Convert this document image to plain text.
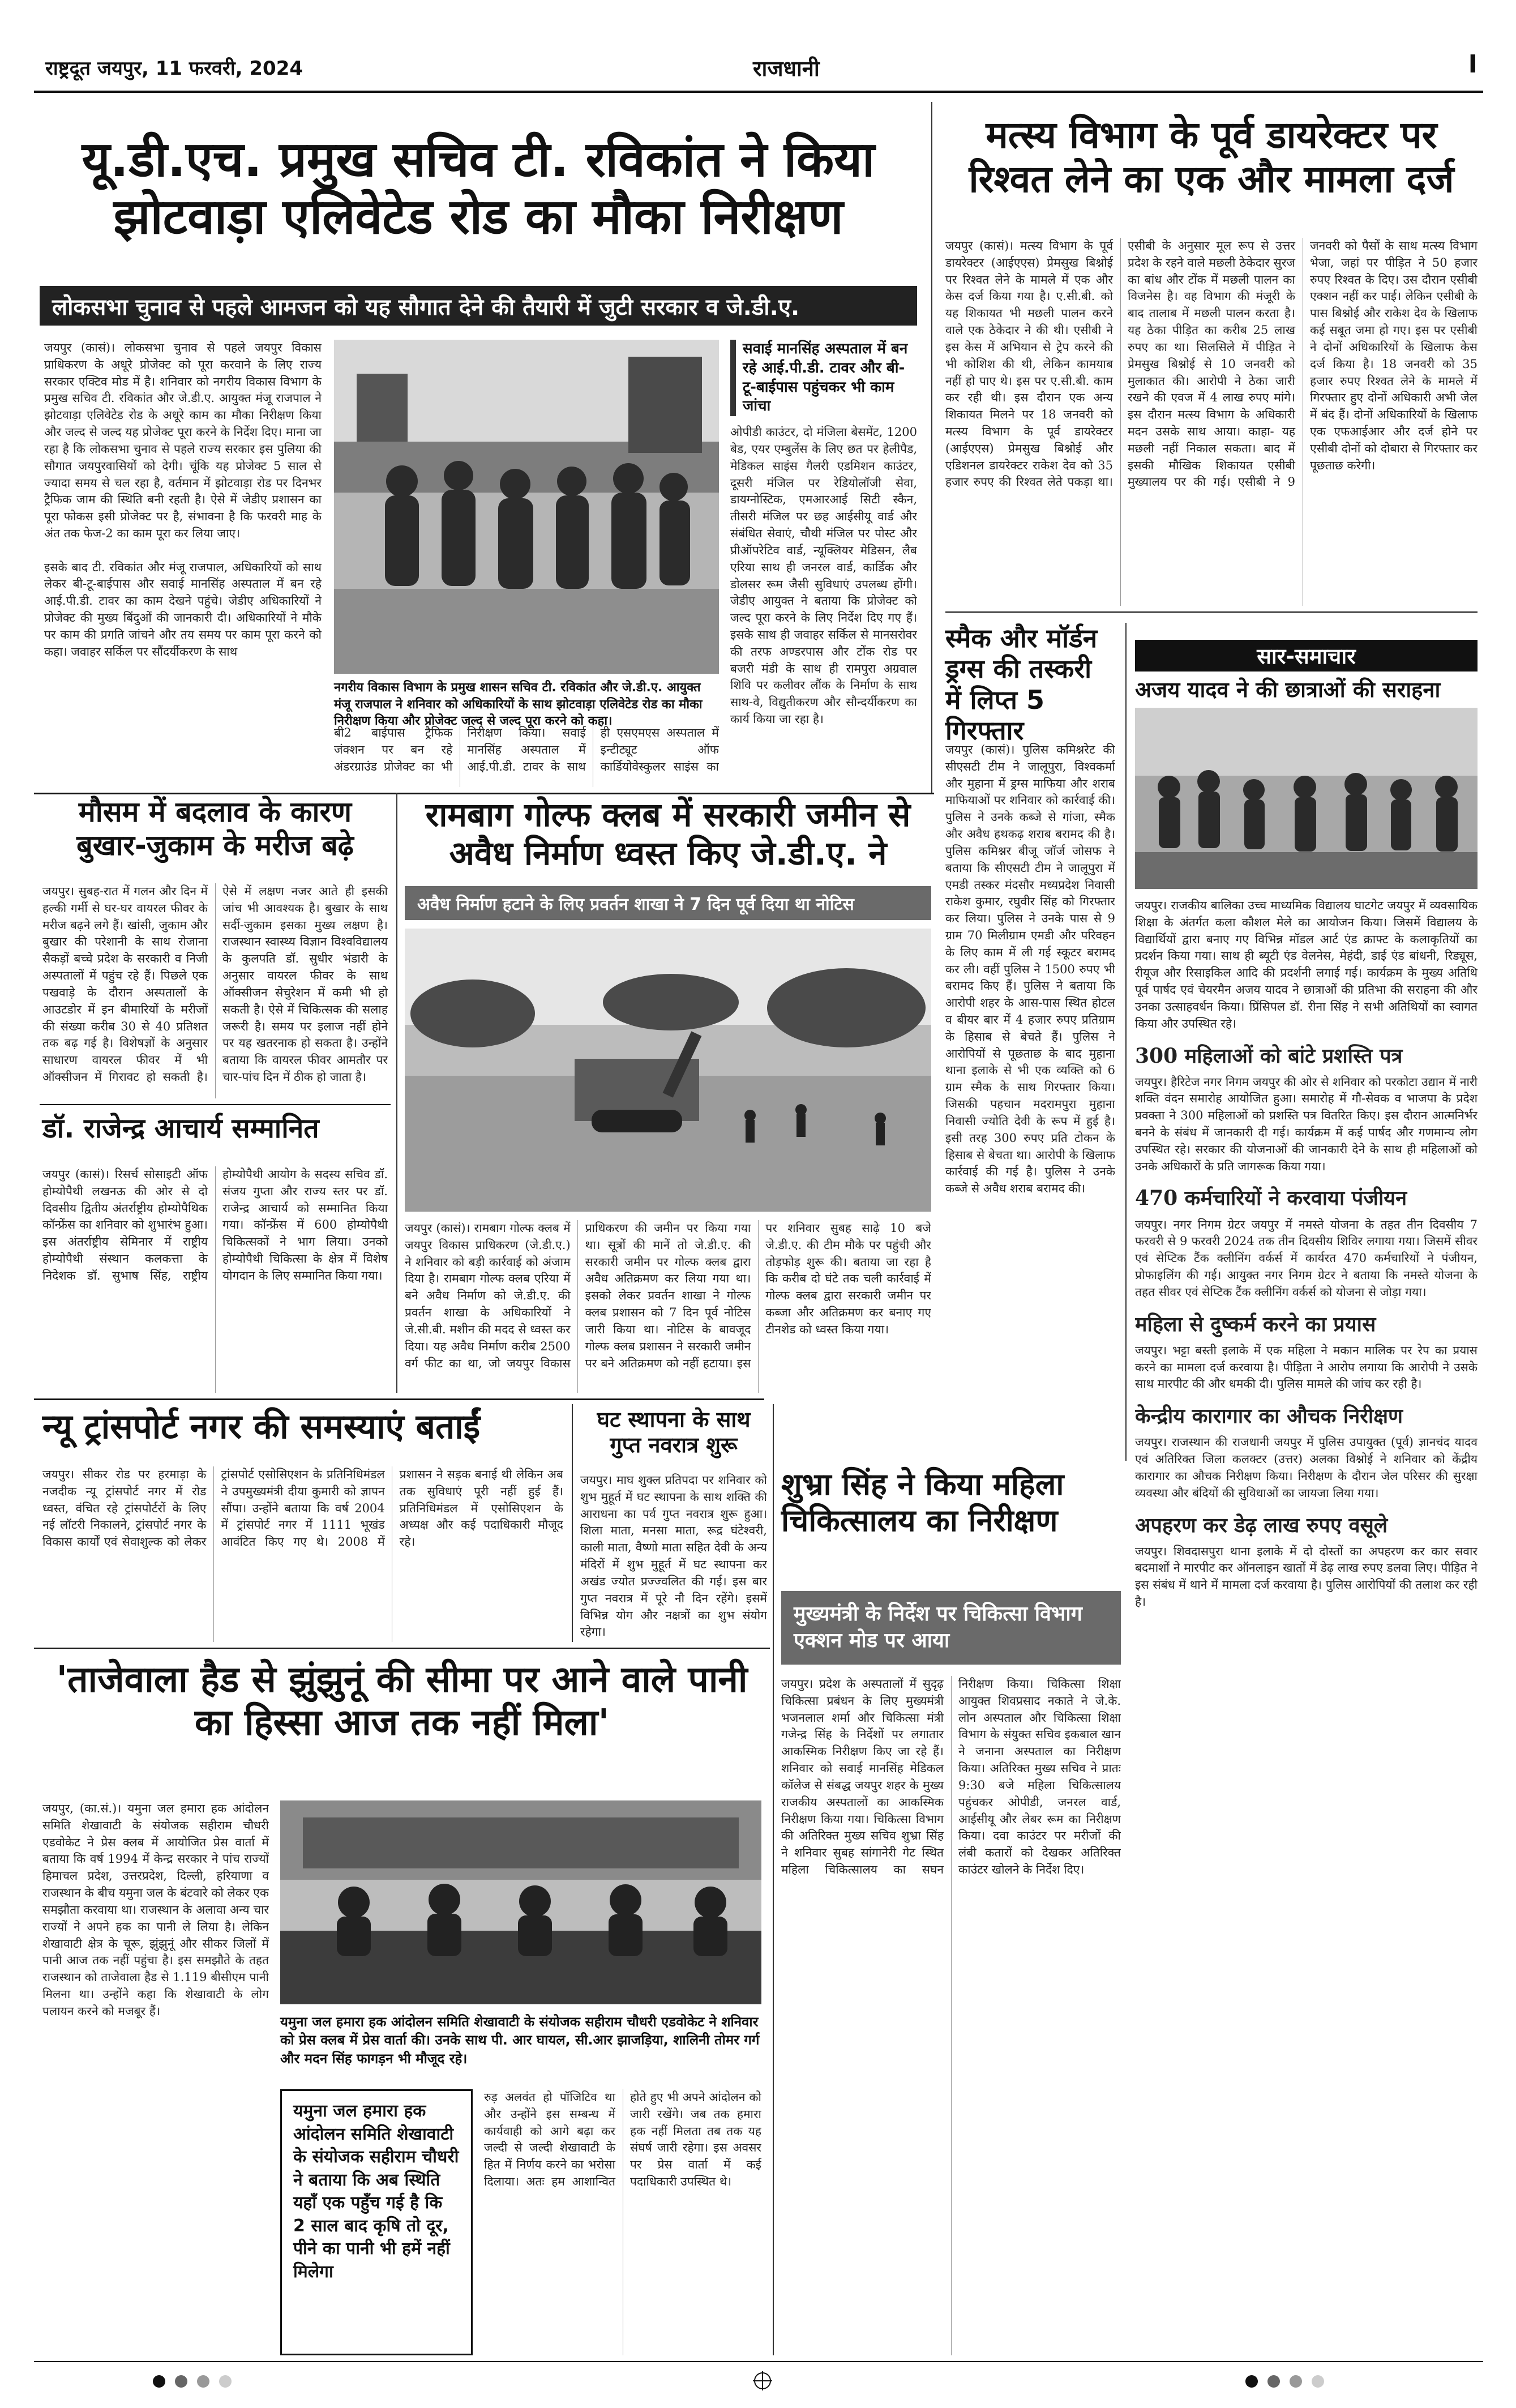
राष्ट्रदूत जयपुर, 11 फरवरी, 2024	राजधानी	I
यू.डी.एच. प्रमुख सचिव टी. रविकांत ने किया झोटवाड़ा एलिवेटेड रोड का मौका निरीक्षण
लोकसभा चुनाव से पहले आमजन को यह सौगात देने की तैयारी में जुटी सरकार व जे.डी.ए.
जयपुर (कासं)। लोकसभा चुनाव से पहले जयपुर विकास प्राधिकरण के अधूरे प्रोजेक्ट को पूरा करवाने के लिए राज्य सरकार एक्टिव मोड में है। शनिवार को नगरीय विकास विभाग के प्रमुख सचिव टी. रविकांत और जे.डी.ए. आयुक्त मंजू राजपाल ने झोटवाड़ा एलिवेटेड रोड के अधूरे काम का मौका निरीक्षण किया और जल्द से जल्द यह प्रोजेक्ट पूरा करने के निर्देश दिए। माना जा रहा है कि लोकसभा चुनाव से पहले राज्य सरकार इस पुलिया की सौगात जयपुरवासियों को देगी। चूंकि यह प्रोजेक्ट 5 साल से ज्यादा समय से चल रहा है, वर्तमान में झोटवाड़ा रोड पर दिनभर ट्रैफिक जाम की स्थिति बनी रहती है। ऐसे में जेडीए प्रशासन का पूरा फोकस इसी प्रोजेक्ट पर है, संभावना है कि फरवरी माह के अंत तक फेज-2 का काम पूरा कर लिया जाए।

इसके बाद टी. रविकांत और मंजू राजपाल, अधिकारियों को साथ लेकर बी-टू-बाईपास और सवाई मानसिंह अस्पताल में बन रहे आई.पी.डी. टावर का काम देखने पहुंचे। जेडीए अधिकारियों ने प्रोजेक्ट की मुख्य बिंदुओं की जानकारी दी। अधिकारियों ने मौके पर काम की प्रगति जांचने और तय समय पर काम पूरा करने को कहा। जवाहर सर्किल पर सौंदर्यीकरण के साथ
नगरीय विकास विभाग के प्रमुख शासन सचिव टी. रविकांत और जे.डी.ए. आयुक्त मंजू राजपाल ने शनिवार को अधिकारियों के साथ झोटवाड़ा एलिवेटेड रोड का मौका निरीक्षण किया और प्रोजेक्ट जल्द से जल्द पूरा करने को कहा।
सवाई मानसिंह अस्पताल में बन रहे आई.पी.डी. टावर और बी-टू-बाईपास पहुंचकर भी काम जांचा
ओपीडी काउंटर, दो मंजिला बेसमेंट, 1200 बेड, एयर एम्बुलेंस के लिए छत पर हेलीपैड, मेडिकल साइंस गैलरी एडमिशन काउंटर, दूसरी मंजिल पर रेडियोलॉजी सेवा, डायग्नोस्टिक, एमआरआई सिटी स्कैन, तीसरी मंजिल पर छह आईसीयू वार्ड और संबंधित सेवाएं, चौथी मंजिल पर पोस्ट और प्रीऑपरेटिव वार्ड, न्यूक्लियर मेडिसन, लैब एरिया साथ ही जनरल वार्ड, कार्डिक और डोलसर रूम जैसी सुविधाएं उपलब्ध होंगी। जेडीए आयुक्त ने बताया कि प्रोजेक्ट को जल्द पूरा करने के लिए निर्देश दिए गए हैं। इसके साथ ही जवाहर सर्किल से मानसरोवर की तरफ अण्डरपास और टोंक रोड पर बजरी मंडी के साथ ही रामपुरा अग्रवाल शिवि पर कलीवर लौंक के निर्माण के साथ साथ-वे, विद्युतीकरण और सौन्दर्यीकरण का कार्य किया जा रहा है।
बी2 बाईपास ट्रैफिक जंक्शन पर बन रहे अंडरग्राउंड प्रोजेक्ट का भी निरीक्षण किया। सवाई मानसिंह अस्पताल में आई.पी.डी. टावर के साथ ही एसएमएस अस्पताल में इन्टीट्यूट ऑफ कार्डियोवेस्कुलर साइंस का
मत्स्य विभाग के पूर्व डायरेक्टर पर रिश्वत लेने का एक और मामला दर्ज
जयपुर (कासं)। मत्स्य विभाग के पूर्व डायरेक्टर (आईएएस) प्रेमसुख बिश्नोई पर रिश्वत लेने के मामले में एक और केस दर्ज किया गया है। ए.सी.बी. को यह शिकायत भी मछली पालन करने वाले एक ठेकेदार ने की थी। एसीबी ने इस केस में अभियान से ट्रेप करने की भी कोशिश की थी, लेकिन कामयाब नहीं हो पाए थे। इस पर ए.सी.बी. काम कर रही थी। इस दौरान एक अन्य शिकायत मिलने पर 18 जनवरी को मत्स्य विभाग के पूर्व डायरेक्टर (आईएएस) प्रेमसुख बिश्नोई और एडिशनल डायरेक्टर राकेश देव को 35 हजार रुपए की रिश्वत लेते पकड़ा था। एसीबी के अनुसार मूल रूप से उत्तर प्रदेश के रहने वाले मछली ठेकेदार सुरज का बांध और टोंक में मछली पालन का विजनेस है। वह विभाग की मंजूरी के बाद तालाब में मछली पालन करता है। यह ठेका पीड़ित का करीब 25 लाख रुपए का था। सिलसिले में पीड़ित ने प्रेमसुख बिश्नोई से 10 जनवरी को मुलाकात की। आरोपी ने ठेका जारी रखने की एवज में 4 लाख रुपए मांगे। इस दौरान मत्स्य विभाग के अधिकारी मदन उसके साथ आया। काहा- यह मछली नहीं निकाल सकता। बाद में इसकी मौखिक शिकायत एसीबी मुख्यालय पर की गई। एसीबी ने 9 जनवरी को पैसों के साथ मत्स्य विभाग भेजा, जहां पर पीड़ित ने 50 हजार रुपए रिश्वत के दिए। उस दौरान एसीबी एक्शन नहीं कर पाई। लेकिन एसीबी के पास बिश्नोई और राकेश देव के खिलाफ कई सबूत जमा हो गए। इस पर एसीबी ने दोनों अधिकारियों के खिलाफ केस दर्ज किया है। 18 जनवरी को 35 हजार रुपए रिश्वत लेने के मामले में गिरफ्तार हुए दोनों अधिकारी अभी जेल में बंद हैं। दोनों अधिकारियों के खिलाफ एक एफआईआर और दर्ज होने पर एसीबी दोनों को दोबारा से गिरफ्तार कर पूछताछ करेगी।
स्मैक और मॉर्डन ड्रग्स की तस्करी में लिप्त 5 गिरफ्तार
जयपुर (कासं)। पुलिस कमिश्नरेट की सीएसटी टीम ने जालूपुरा, विश्वकर्मा और मुहाना में ड्रग्स माफिया और शराब माफियाओं पर शनिवार को कार्रवाई की। पुलिस ने उनके कब्जे से गांजा, स्मैक और अवैध हथकढ़ शराब बरामद की है। पुलिस कमिश्नर बीजू जॉर्ज जोसफ ने बताया कि सीएसटी टीम ने जालूपुरा में एमडी तस्कर मंदसौर मध्यप्रदेश निवासी राकेश कुमार, रघुवीर सिंह को गिरफ्तार कर लिया। पुलिस ने उनके पास से 9 ग्राम 70 मिलीग्राम एमडी और परिवहन के लिए काम में ली गई स्कूटर बरामद कर ली। वहीं पुलिस ने 1500 रुपए भी बरामद किए हैं। पुलिस ने बताया कि आरोपी शहर के आस-पास स्थित होटल व बीयर बार में 4 हजार रुपए प्रतिग्राम के हिसाब से बेचते हैं। पुलिस ने आरोपियों से पूछताछ के बाद मुहाना थाना इलाके से भी एक व्यक्ति को 6 ग्राम स्मैक के साथ गिरफ्तार किया। जिसकी पहचान मदरामपुरा मुहाना निवासी ज्योति देवी के रूप में हुई है। इसी तरह 300 रुपए प्रति टोकन के हिसाब से बेचता था। आरोपी के खिलाफ कार्रवाई की गई है। पुलिस ने उनके कब्जे से अवैध शराब बरामद की।
सार-समाचार
अजय यादव ने की छात्राओं की सराहना
जयपुर। राजकीय बालिका उच्च माध्यमिक विद्यालय घाटगेट जयपुर में व्यवसायिक शिक्षा के अंतर्गत कला कौशल मेले का आयोजन किया। जिसमें विद्यालय के विद्यार्थियों द्वारा बनाए गए विभिन्न मॉडल आर्ट एंड क्राफ्ट के कलाकृतियों का प्रदर्शन किया गया। साथ ही ब्यूटी एंड वेलनेस, मेहंदी, डाई एंड बांधनी, रिड्यूस, रीयूज और रिसाइकिल आदि की प्रदर्शनी लगाई गई। कार्यक्रम के मुख्य अतिथि पूर्व पार्षद एवं चेयरमैन अजय यादव ने छात्राओं की प्रतिभा की सराहना की और उनका उत्साहवर्धन किया। प्रिंसिपल डॉ. रीना सिंह ने सभी अतिथियों का स्वागत किया और उपस्थित रहे।
300 महिलाओं को बांटे प्रशस्ति पत्र
जयपुर। हैरिटेज नगर निगम जयपुर की ओर से शनिवार को परकोटा उद्यान में नारी शक्ति वंदन समारोह आयोजित हुआ। समारोह में गौ-सेवक व भाजपा के प्रदेश प्रवक्ता ने 300 महिलाओं को प्रशस्ति पत्र वितरित किए। इस दौरान आत्मनिर्भर बनने के संबंध में जानकारी दी गई। कार्यक्रम में कई पार्षद और गणमान्य लोग उपस्थित रहे। सरकार की योजनाओं की जानकारी देने के साथ ही महिलाओं को उनके अधिकारों के प्रति जागरूक किया गया।
470 कर्मचारियों ने करवाया पंजीयन
जयपुर। नगर निगम ग्रेटर जयपुर में नमस्ते योजना के तहत तीन दिवसीय 7 फरवरी से 9 फरवरी 2024 तक तीन दिवसीय शिविर लगाया गया। जिसमें सीवर एवं सेप्टिक टैंक क्लीनिंग वर्कर्स में कार्यरत 470 कर्मचारियों ने पंजीयन, प्रोफाइलिंग की गई। आयुक्त नगर निगम ग्रेटर ने बताया कि नमस्ते योजना के तहत सीवर एवं सेप्टिक टैंक क्लीनिंग वर्कर्स को योजना से जोड़ा गया।
महिला से दुष्कर्म करने का प्रयास
जयपुर। भट्टा बस्ती इलाके में एक महिला ने मकान मालिक पर रेप का प्रयास करने का मामला दर्ज करवाया है। पीड़िता ने आरोप लगाया कि आरोपी ने उसके साथ मारपीट की और धमकी दी। पुलिस मामले की जांच कर रही है।
केन्द्रीय कारागार का औचक निरीक्षण
जयपुर। राजस्थान की राजधानी जयपुर में पुलिस उपायुक्त (पूर्व) ज्ञानचंद यादव एवं अतिरिक्त जिला कलक्टर (उत्तर) अलका विश्नोई ने शनिवार को केंद्रीय कारागार का औचक निरीक्षण किया। निरीक्षण के दौरान जेल परिसर की सुरक्षा व्यवस्था और बंदियों की सुविधाओं का जायजा लिया गया।
अपहरण कर डेढ़ लाख रुपए वसूले
जयपुर। शिवदासपुरा थाना इलाके में दो दोस्तों का अपहरण कर कार सवार बदमाशों ने मारपीट कर ऑनलाइन खातों में डेढ़ लाख रुपए डलवा लिए। पीड़ित ने इस संबंध में थाने में मामला दर्ज करवाया है। पुलिस आरोपियों की तलाश कर रही है।
मौसम में बदलाव के कारण बुखार-जुकाम के मरीज बढ़े
जयपुर। सुबह-रात में गलन और दिन में हल्की गर्मी से घर-घर वायरल फीवर के मरीज बढ़ने लगे हैं। खांसी, जुकाम और बुखार की परेशानी के साथ रोजाना सैकड़ों बच्चे प्रदेश के सरकारी व निजी अस्पतालों में पहुंच रहे हैं। पिछले एक पखवाड़े के दौरान अस्पतालों के आउटडोर में इन बीमारियों के मरीजों की संख्या करीब 30 से 40 प्रतिशत तक बढ़ गई है। विशेषज्ञों के अनुसार साधारण वायरल फीवर में भी ऑक्सीजन में गिरावट हो सकती है। ऐसे में लक्षण नजर आते ही इसकी जांच भी आवश्यक है। बुखार के साथ सर्दी-जुकाम इसका मुख्य लक्षण है। राजस्थान स्वास्थ्य विज्ञान विश्वविद्यालय के कुलपति डॉ. सुधीर भंडारी के अनुसार वायरल फीवर के साथ ऑक्सीजन सेचुरेशन में कमी भी हो सकती है। ऐसे में चिकित्सक की सलाह जरूरी है। समय पर इलाज नहीं होने पर यह खतरनाक हो सकता है। उन्होंने बताया कि वायरल फीवर आमतौर पर चार-पांच दिन में ठीक हो जाता है।
डॉ. राजेन्द्र आचार्य सम्मानित
जयपुर (कासं)। रिसर्च सोसाइटी ऑफ होम्योपैथी लखनऊ की ओर से दो दिवसीय द्वितीय अंतर्राष्ट्रीय होम्योपैथिक कॉन्फ्रेंस का शनिवार को शुभारंभ हुआ। इस अंतर्राष्ट्रीय सेमिनार में राष्ट्रीय होम्योपैथी संस्थान कलकत्ता के निदेशक डॉ. सुभाष सिंह, राष्ट्रीय होम्योपैथी आयोग के सदस्य सचिव डॉ. संजय गुप्ता और राज्य स्तर पर डॉ. राजेन्द्र आचार्य को सम्मानित किया गया। कॉन्फ्रेंस में 600 होम्योपैथी चिकित्सकों ने भाग लिया। उनको होम्योपैथी चिकित्सा के क्षेत्र में विशेष योगदान के लिए सम्मानित किया गया।
रामबाग गोल्फ क्लब में सरकारी जमीन से अवैध निर्माण ध्वस्त किए जे.डी.ए. ने
अवैध निर्माण हटाने के लिए प्रवर्तन शाखा ने 7 दिन पूर्व दिया था नोटिस
जयपुर (कासं)। रामबाग गोल्फ क्लब में जयपुर विकास प्राधिकरण (जे.डी.ए.) ने शनिवार को बड़ी कार्रवाई को अंजाम दिया है। रामबाग गोल्फ क्लब एरिया में बने अवैध निर्माण को जे.डी.ए. की प्रवर्तन शाखा के अधिकारियों ने जे.सी.बी. मशीन की मदद से ध्वस्त कर दिया। यह अवैध निर्माण करीब 2500 वर्ग फीट का था, जो जयपुर विकास प्राधिकरण की जमीन पर किया गया था। सूत्रों की मानें तो जे.डी.ए. की सरकारी जमीन पर गोल्फ क्लब द्वारा अवैध अतिक्रमण कर लिया गया था। इसको लेकर प्रवर्तन शाखा ने गोल्फ क्लब प्रशासन को 7 दिन पूर्व नोटिस जारी किया था। नोटिस के बावजूद गोल्फ क्लब प्रशासन ने सरकारी जमीन पर बने अतिक्रमण को नहीं हटाया। इस पर शनिवार सुबह साढ़े 10 बजे जे.डी.ए. की टीम मौके पर पहुंची और तोड़फोड़ शुरू की। बताया जा रहा है कि करीब दो घंटे तक चली कार्रवाई में गोल्फ क्लब द्वारा सरकारी जमीन पर कब्जा और अतिक्रमण कर बनाए गए टीनशेड को ध्वस्त किया गया।
न्यू ट्रांसपोर्ट नगर की समस्याएं बताईं
जयपुर। सीकर रोड पर हरमाड़ा के नजदीक न्यू ट्रांसपोर्ट नगर में रोड ध्वस्त, वंचित रहे ट्रांसपोर्टरों के लिए नई लॉटरी निकालने, ट्रांसपोर्ट नगर के विकास कार्यों एवं सेवाशुल्क को लेकर ट्रांसपोर्ट एसोसिएशन के प्रतिनिधिमंडल ने उपमुख्यमंत्री दीया कुमारी को ज्ञापन सौंपा। उन्होंने बताया कि वर्ष 2004 में ट्रांसपोर्ट नगर में 1111 भूखंड आवंटित किए गए थे। 2008 में प्रशासन ने सड़क बनाई थी लेकिन अब तक सुविधाएं पूरी नहीं हुई हैं। प्रतिनिधिमंडल में एसोसिएशन के अध्यक्ष और कई पदाधिकारी मौजूद रहे।
घट स्थापना के साथ गुप्त नवरात्र शुरू
जयपुर। माघ शुक्ल प्रतिपदा पर शनिवार को शुभ मुहूर्त में घट स्थापना के साथ शक्ति की आराधना का पर्व गुप्त नवरात्र शुरू हुआ। शिला माता, मनसा माता, रूद्र घंटेश्वरी, काली माता, वैष्णो माता सहित देवी के अन्य मंदिरों में शुभ मुहूर्त में घट स्थापना कर अखंड ज्योत प्रज्ज्वलित की गई। इस बार गुप्त नवरात्र में पूरे नौ दिन रहेंगे। इसमें विभिन्न योग और नक्षत्रों का शुभ संयोग रहेगा।
शुभ्रा सिंह ने किया महिला चिकित्सालय का निरीक्षण
मुख्यमंत्री के निर्देश पर चिकित्सा विभाग एक्शन मोड पर आया
जयपुर। प्रदेश के अस्पतालों में सुदृढ़ चिकित्सा प्रबंधन के लिए मुख्यमंत्री भजनलाल शर्मा और चिकित्सा मंत्री गजेन्द्र सिंह के निर्देशों पर लगातार आकस्मिक निरीक्षण किए जा रहे हैं। शनिवार को सवाई मानसिंह मेडिकल कॉलेज से संबद्ध जयपुर शहर के मुख्य राजकीय अस्पतालों का आकस्मिक निरीक्षण किया गया। चिकित्सा विभाग की अतिरिक्त मुख्य सचिव शुभ्रा सिंह ने शनिवार सुबह सांगानेरी गेट स्थित महिला चिकित्सालय का सघन निरीक्षण किया। चिकित्सा शिक्षा आयुक्त शिवप्रसाद नकाते ने जे.के. लोन अस्पताल और चिकित्सा शिक्षा विभाग के संयुक्त सचिव इकबाल खान ने जनाना अस्पताल का निरीक्षण किया। अतिरिक्त मुख्य सचिव ने प्रातः 9:30 बजे महिला चिकित्सालय पहुंचकर ओपीडी, जनरल वार्ड, आईसीयू और लेबर रूम का निरीक्षण किया। दवा काउंटर पर मरीजों की लंबी कतारों को देखकर अतिरिक्त काउंटर खोलने के निर्देश दिए।
'ताजेवाला हैड से झुंझुनूं की सीमा पर आने वाले पानी का हिस्सा आज तक नहीं मिला'
जयपुर, (का.सं.)। यमुना जल हमारा हक आंदोलन समिति शेखावाटी के संयोजक सहीराम चौधरी एडवोकेट ने प्रेस क्लब में आयोजित प्रेस वार्ता में बताया कि वर्ष 1994 में केन्द्र सरकार ने पांच राज्यों हिमाचल प्रदेश, उत्तरप्रदेश, दिल्ली, हरियाणा व राजस्थान के बीच यमुना जल के बंटवारे को लेकर एक समझौता करवाया था। राजस्थान के अलावा अन्य चार राज्यों ने अपने हक का पानी ले लिया है। लेकिन शेखावाटी क्षेत्र के चूरू, झुंझुनूं और सीकर जिलों में पानी आज तक नहीं पहुंचा है। इस समझौते के तहत राजस्थान को ताजेवाला हैड से 1.119 बीसीएम पानी मिलना था। उन्होंने कहा कि शेखावाटी के लोग पलायन करने को मजबूर हैं।
यमुना जल हमारा हक आंदोलन समिति शेखावाटी के संयोजक सहीराम चौधरी एडवोकेट ने शनिवार को प्रेस क्लब में प्रेस वार्ता की। उनके साथ पी. आर घायल, सी.आर झाजड़िया, शालिनी तोमर गर्ग और मदन सिंह फागड़न भी मौजूद रहे।
यमुना जल हमारा हक आंदोलन समिति शेखावाटी के संयोजक सहीराम चौधरी ने बताया कि अब स्थिति यहाँ एक पहुँच गई है कि 2 साल बाद कृषि तो दूर, पीने का पानी भी हमें नहीं मिलेगा
रुड़ अलवंत हो पॉजिटिव था और उन्होंने इस सम्बन्ध में कार्यवाही को आगे बढ़ा कर जल्दी से जल्दी शेखावाटी के हित में निर्णय करने का भरोसा दिलाया। अतः हम आशान्वित होते हुए भी अपने आंदोलन को जारी रखेंगे। जब तक हमारा हक नहीं मिलता तब तक यह संघर्ष जारी रहेगा। इस अवसर पर प्रेस वार्ता में कई पदाधिकारी उपस्थित थे।
